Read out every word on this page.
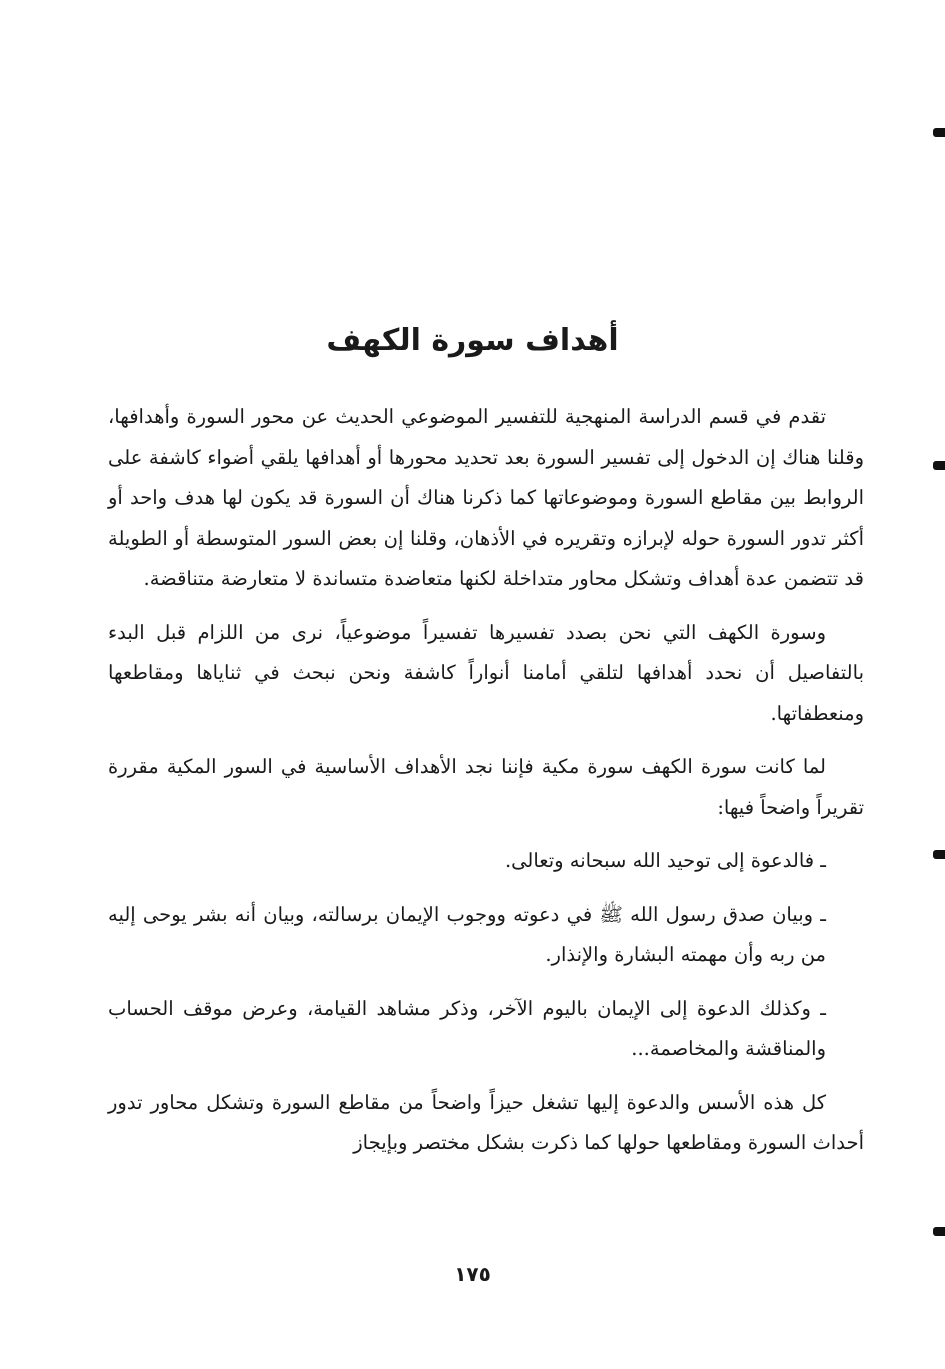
أهداف سورة الكهف

تقدم في قسم الدراسة المنهجية للتفسير الموضوعي الحديث عن محور السورة وأهدافها، وقلنا هناك إن الدخول إلى تفسير السورة بعد تحديد محورها أو أهدافها يلقي أضواء كاشفة على الروابط بين مقاطع السورة وموضوعاتها كما ذكرنا هناك أن السورة قد يكون لها هدف واحد أو أكثر تدور السورة حوله لإبرازه وتقريره في الأذهان، وقلنا إن بعض السور المتوسطة أو الطويلة قد تتضمن عدة أهداف وتشكل محاور متداخلة لكنها متعاضدة متساندة لا متعارضة متناقضة.

وسورة الكهف التي نحن بصدد تفسيرها تفسيراً موضوعياً، نرى من اللزام قبل البدء بالتفاصيل أن نحدد أهدافها لتلقي أمامنا أنواراً كاشفة ونحن نبحث في ثناياها ومقاطعها ومنعطفاتها.

لما كانت سورة الكهف سورة مكية فإننا نجد الأهداف الأساسية في السور المكية مقررة تقريراً واضحاً فيها:

ـ فالدعوة إلى توحيد الله سبحانه وتعالى.

ـ وبيان صدق رسول الله ﷺ في دعوته ووجوب الإيمان برسالته، وبيان أنه بشر يوحى إليه من ربه وأن مهمته البشارة والإنذار.

ـ وكذلك الدعوة إلى الإيمان باليوم الآخر، وذكر مشاهد القيامة، وعرض موقف الحساب والمناقشة والمخاصمة...

كل هذه الأسس والدعوة إليها تشغل حيزاً واضحاً من مقاطع السورة وتشكل محاور تدور أحداث السورة ومقاطعها حولها كما ذكرت بشكل مختصر وبإيجاز

١٧٥
